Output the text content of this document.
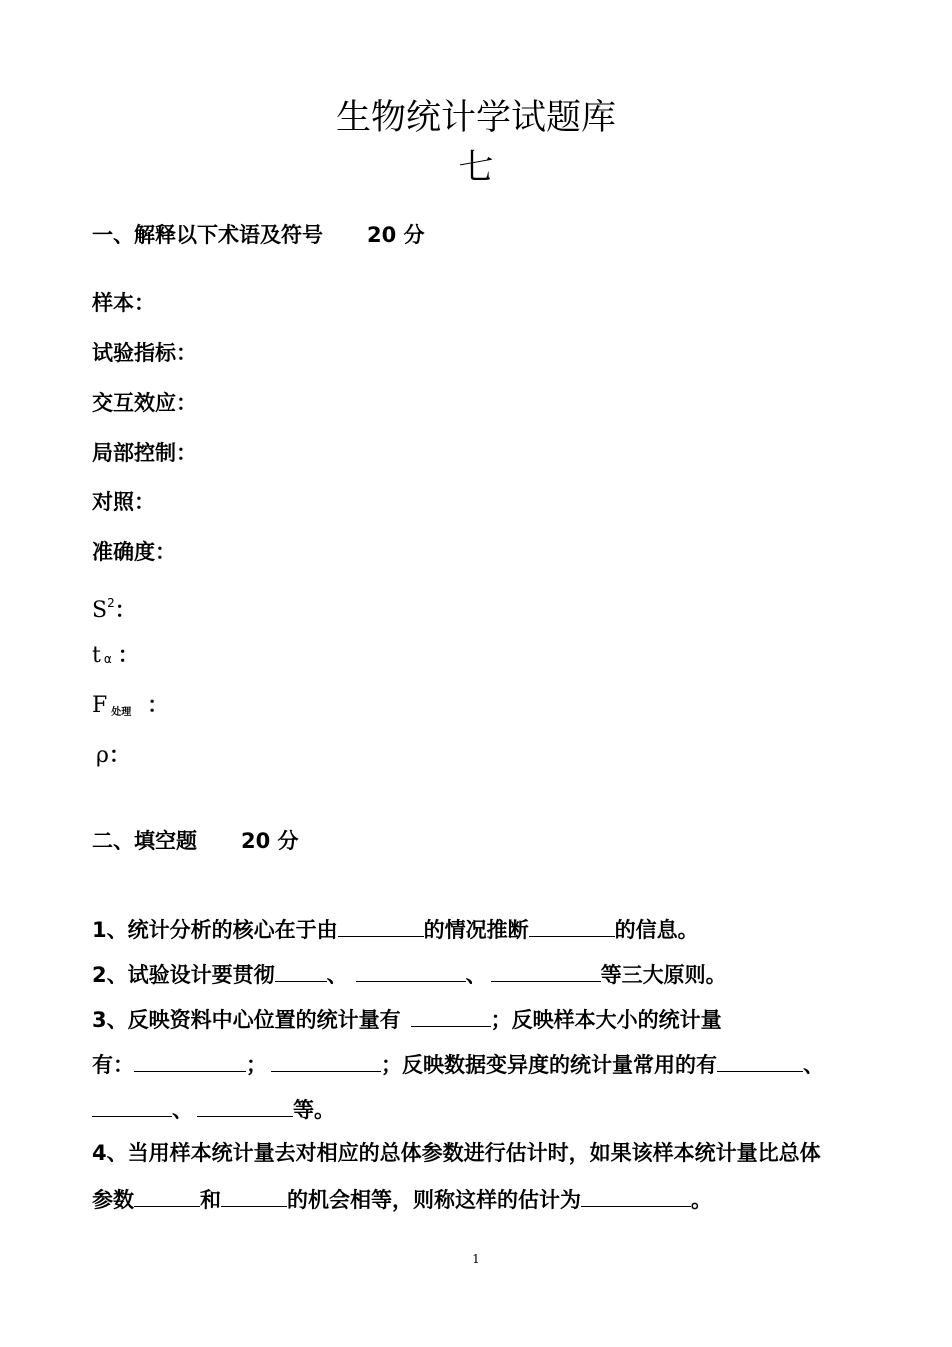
生物统计学试题库
七
一、解释以下术语及符号 20 分
样本：
试验指标：
交互效应：
局部控制：
对照：
准确度：
$S^2$：
t $_\alpha$ ：
F $_{处理}$ ：
ρ：
二、填空题 20 分
1、统计分析的核心在于由	的情况推断	的信息。
2、试验设计要贯彻 、	、	等三大原则。
3、反映资料中心位置的统计量有	；反映样本大小的统计量
有：	；	；反映数据变异度的统计量常用的有	、
、	等。
4、当用样本统计量去对相应的总体参数进行估计时，如果该样本统计量比总体
参数	和	的机会相等，则称这样的估计为	。
1
